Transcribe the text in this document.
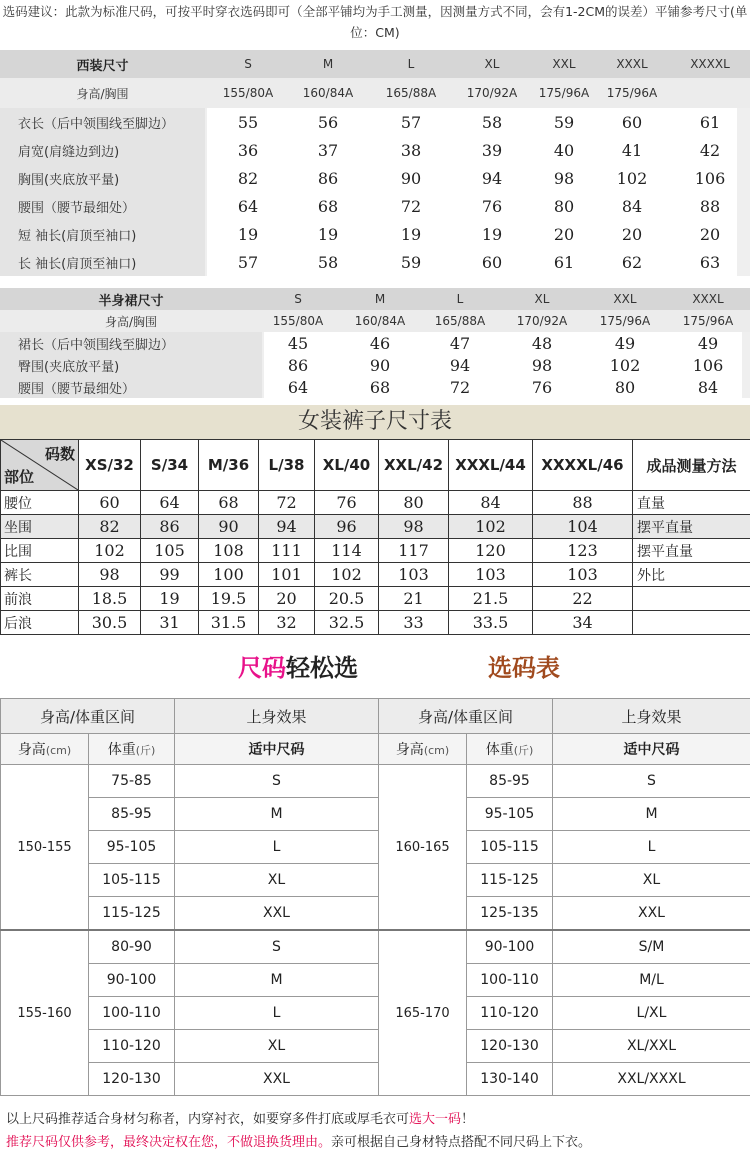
选码建议：此款为标准尺码，可按平时穿衣选码即可（全部平铺均为手工测量，因测量方式不同，会有1-2CM的误差）平铺参考尺寸(单位：CM)
西装尺寸	S	M	L	XL	XXL	XXXL	XXXXL
身高/胸围	155/80A	160/84A	165/88A	170/92A	175/96A	175/96A
衣长（后中领围线至脚边）	55	56	57	58	59	60	61
肩宽(肩缝边到边)	36	37	38	39	40	41	42
胸围(夹底放平量)	82	86	90	94	98	102	106
腰围（腰节最细处）	64	68	72	76	80	84	88
短 袖长(肩顶至袖口)	19	19	19	19	20	20	20
长 袖长(肩顶至袖口)	57	58	59	60	61	62	63
半身裙尺寸	S	M	L	XL	XXL	XXXL
身高/胸围	155/80A	160/84A	165/88A	170/92A	175/96A	175/96A
裙长（后中领围线至脚边）	45	46	47	48	49	49
臀围(夹底放平量)	86	90	94	98	102	106
腰围（腰节最细处）	64	68	72	76	80	84
女装裤子尺寸表
码数
部位	XS/32	S/34	M/36	L/38	XL/40	XXL/42	XXXL/44	XXXXL/46	成品测量方法
腰位	60	64	68	72	76	80	84	88	直量
坐围	82	86	90	94	96	98	102	104	摆平直量
比围	102	105	108	111	114	117	120	123	摆平直量
裤长	98	99	100	101	102	103	103	103	外比
前浪	18.5	19	19.5	20	20.5	21	21.5	22	
后浪	30.5	31	31.5	32	32.5	33	33.5	34	
尺码轻松选	选码表
身高/体重区间		上身效果	身高/体重区间		上身效果
身高(cm)	体重(斤)	适中尺码	身高(cm)	体重(斤)	适中尺码
150-155	75-85	S	160-165	85-95	S
	85-95	M		95-105	M
	95-105	L		105-115	L
	105-115	XL		115-125	XL
	115-125	XXL		125-135	XXL
155-160	80-90	S	165-170	90-100	S/M
	90-100	M		100-110	M/L
	100-110	L		110-120	L/XL
	110-120	XL		120-130	XL/XXL
	120-130	XXL		130-140	XXL/XXXL
以上尺码推荐适合身材匀称者，内穿衬衣，如要穿多件打底或厚毛衣可选大一码！
推荐尺码仅供参考，最终决定权在您，不做退换货理由。亲可根据自己身材特点搭配不同尺码上下衣。
